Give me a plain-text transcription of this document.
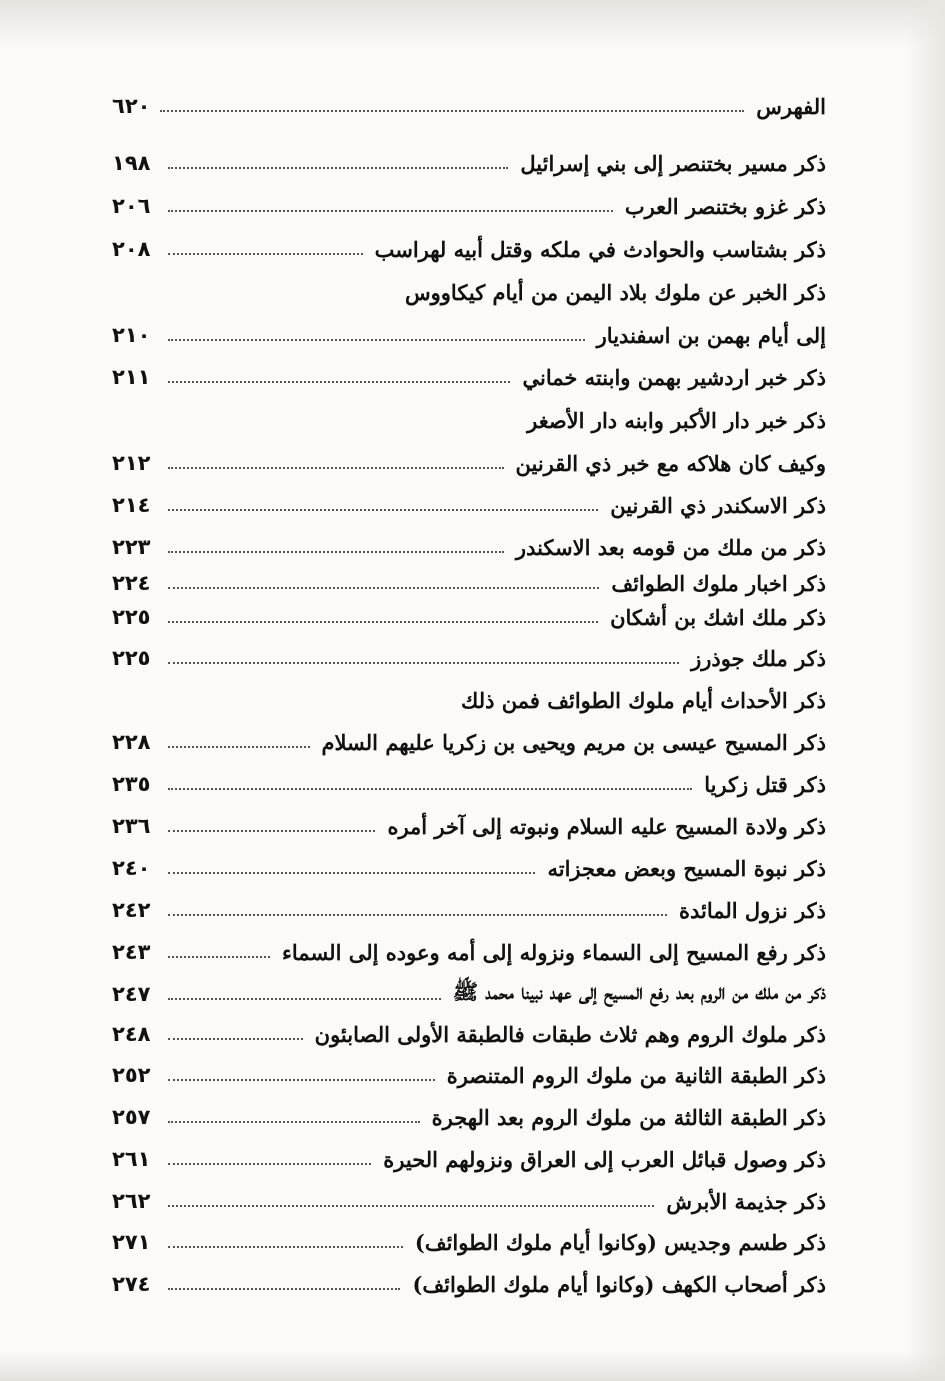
الفهرس
٦٢٠
ذكر مسير بختنصر إلى بني إسرائيل
١٩٨
ذكر غزو بختنصر العرب
٢٠٦
ذكر بشتاسب والحوادث في ملكه وقتل أبيه لهراسب
٢٠٨
ذكر الخبر عن ملوك بلاد اليمن من أيام كيكاووس
إلى أيام بهمن بن اسفنديار
٢١٠
ذكر خبر اردشير بهمن وابنته خماني
٢١١
ذكر خبر دار الأكبر وابنه دار الأصغر
وكيف كان هلاكه مع خبر ذي القرنين
٢١٢
ذكر الاسكندر ذي القرنين
٢١٤
ذكر من ملك من قومه بعد الاسكندر
٢٢٣
ذكر اخبار ملوك الطوائف
٢٢٤
ذكر ملك اشك بن أشكان
٢٢٥
ذكر ملك جوذرز
٢٢٥
ذكر الأحداث أيام ملوك الطوائف فمن ذلك
ذكر المسيح عيسى بن مريم ويحيى بن زكريا عليهم السلام
٢٢٨
ذكر قتل زكريا
٢٣٥
ذكر ولادة المسيح عليه السلام ونبوته إلى آخر أمره
٢٣٦
ذكر نبوة المسيح وبعض معجزاته
٢٤٠
ذكر نزول المائدة
٢٤٢
ذكر رفع المسيح إلى السماء ونزوله إلى أمه وعوده إلى السماء
٢٤٣
ذكر من ملك من الروم بعد رفع المسيح إلى عهد نبينا محمد ﷺ
٢٤٧
ذكر ملوك الروم وهم ثلاث طبقات فالطبقة الأولى الصابئون
٢٤٨
ذكر الطبقة الثانية من ملوك الروم المتنصرة
٢٥٢
ذكر الطبقة الثالثة من ملوك الروم بعد الهجرة
٢٥٧
ذكر وصول قبائل العرب إلى العراق ونزولهم الحيرة
٢٦١
ذكر جذيمة الأبرش
٢٦٢
ذكر طسم وجديس (وكانوا أيام ملوك الطوائف)
٢٧١
ذكر أصحاب الكهف (وكانوا أيام ملوك الطوائف)
٢٧٤
